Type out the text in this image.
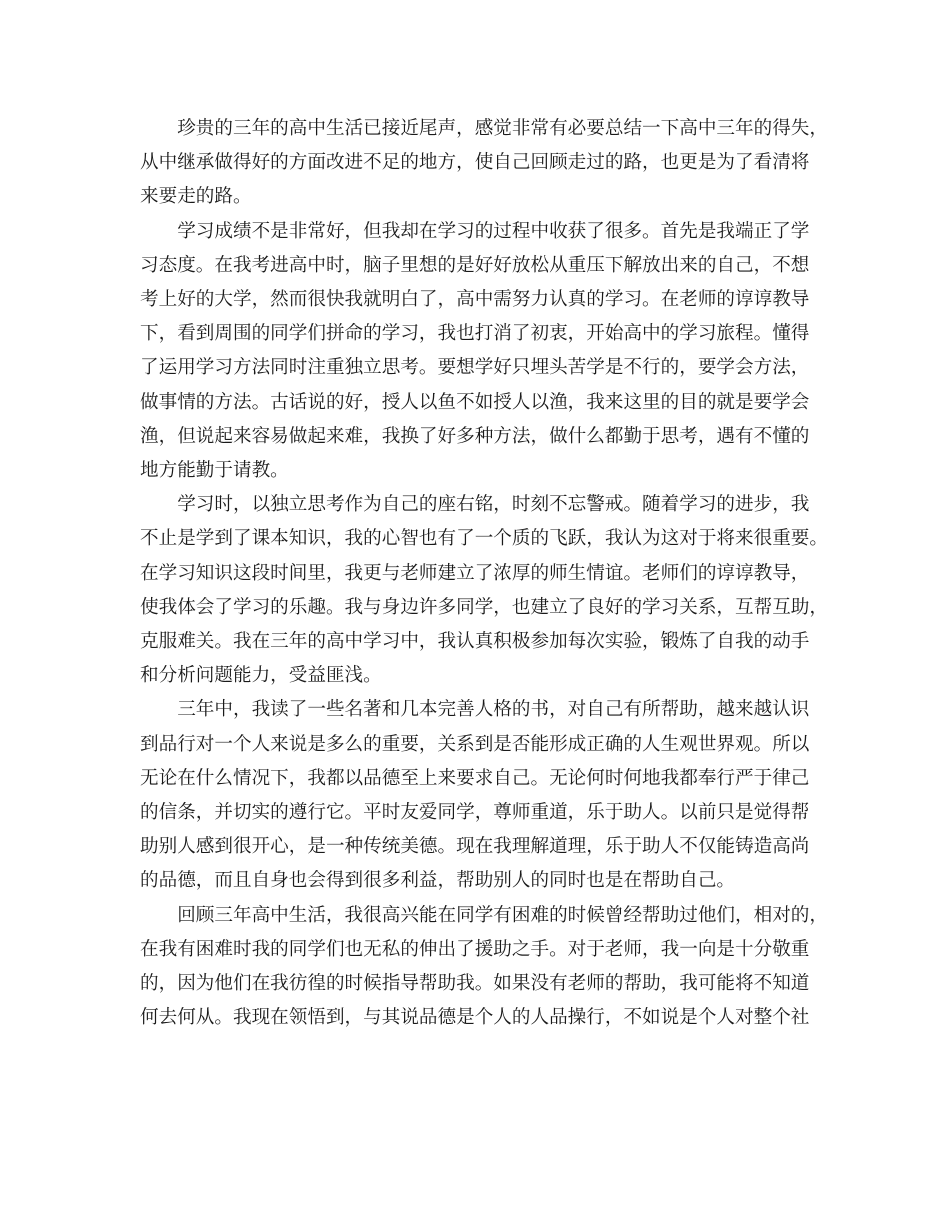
珍贵的三年的高中生活已接近尾声，感觉非常有必要总结一下高中三年的得失，
从中继承做得好的方面改进不足的地方，使自己回顾走过的路，也更是为了看清将
来要走的路。

学习成绩不是非常好，但我却在学习的过程中收获了很多。首先是我端正了学
习态度。在我考进高中时，脑子里想的是好好放松从重压下解放出来的自己，不想
考上好的大学，然而很快我就明白了，高中需努力认真的学习。在老师的谆谆教导
下，看到周围的同学们拼命的学习，我也打消了初衷，开始高中的学习旅程。懂得
了运用学习方法同时注重独立思考。要想学好只埋头苦学是不行的，要学会方法，
做事情的方法。古话说的好，授人以鱼不如授人以渔，我来这里的目的就是要学会
渔，但说起来容易做起来难，我换了好多种方法，做什么都勤于思考，遇有不懂的
地方能勤于请教。

学习时，以独立思考作为自己的座右铭，时刻不忘警戒。随着学习的进步，我
不止是学到了课本知识，我的心智也有了一个质的飞跃，我认为这对于将来很重要。
在学习知识这段时间里，我更与老师建立了浓厚的师生情谊。老师们的谆谆教导，
使我体会了学习的乐趣。我与身边许多同学，也建立了良好的学习关系，互帮互助，
克服难关。我在三年的高中学习中，我认真积极参加每次实验，锻炼了自我的动手
和分析问题能力，受益匪浅。

三年中，我读了一些名著和几本完善人格的书，对自己有所帮助，越来越认识
到品行对一个人来说是多么的重要，关系到是否能形成正确的人生观世界观。所以
无论在什么情况下，我都以品德至上来要求自己。无论何时何地我都奉行严于律己
的信条，并切实的遵行它。平时友爱同学，尊师重道，乐于助人。以前只是觉得帮
助别人感到很开心，是一种传统美德。现在我理解道理，乐于助人不仅能铸造高尚
的品德，而且自身也会得到很多利益，帮助别人的同时也是在帮助自己。

回顾三年高中生活，我很高兴能在同学有困难的时候曾经帮助过他们，相对的，
在我有困难时我的同学们也无私的伸出了援助之手。对于老师，我一向是十分敬重
的，因为他们在我彷徨的时候指导帮助我。如果没有老师的帮助，我可能将不知道
何去何从。我现在领悟到，与其说品德是个人的人品操行，不如说是个人对整个社
